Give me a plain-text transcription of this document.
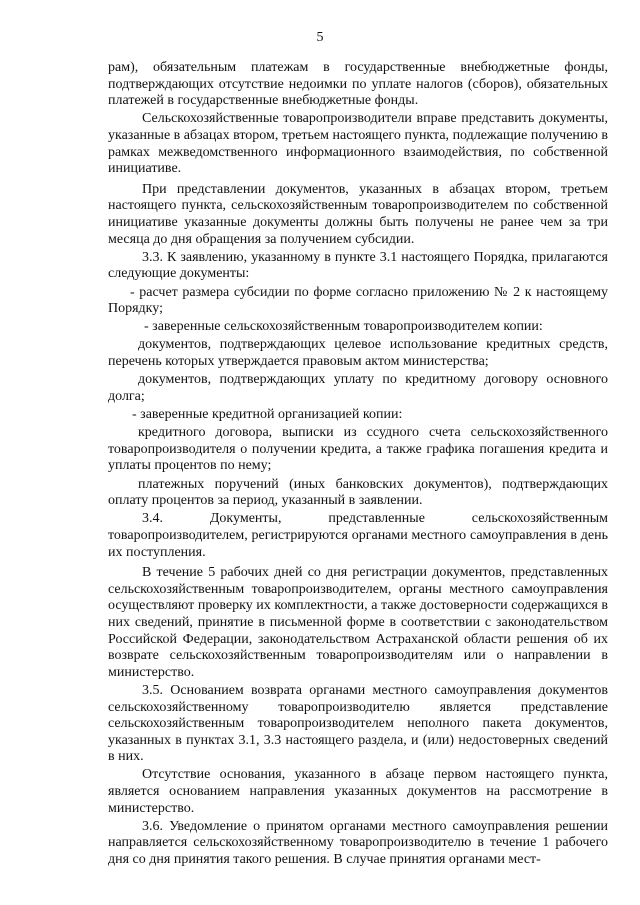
5

рам), обязательным платежам в государственные внебюджетные фонды, подтверждающих отсутствие недоимки по уплате налогов (сборов), обязательных платежей в государственные внебюджетные фонды.

Сельскохозяйственные товаропроизводители вправе представить документы, указанные в абзацах втором, третьем настоящего пункта, подлежащие получению в рамках межведомственного информационного взаимодействия, по собственной инициативе.

При представлении документов, указанных в абзацах втором, третьем настоящего пункта, сельскохозяйственным товаропроизводителем по собственной инициативе указанные документы должны быть получены не ранее чем за три месяца до дня обращения за получением субсидии.

3.3. К заявлению, указанному в пункте 3.1 настоящего Порядка, прилагаются следующие документы:

- расчет размера субсидии по форме согласно приложению № 2 к настоящему Порядку;

- заверенные сельскохозяйственным товаропроизводителем копии:

документов, подтверждающих целевое использование кредитных средств, перечень которых утверждается правовым актом министерства;

документов, подтверждающих уплату по кредитному договору основного долга;

- заверенные кредитной организацией копии:

кредитного договора, выписки из ссудного счета сельскохозяйственного товаропроизводителя о получении кредита, а также графика погашения кредита и уплаты процентов по нему;

платежных поручений (иных банковских документов), подтверждающих оплату процентов за период, указанный в заявлении.

3.4. Документы, представленные сельскохозяйственным товаропроизводителем, регистрируются органами местного самоуправления в день их поступления.

В течение 5 рабочих дней со дня регистрации документов, представленных сельскохозяйственным товаропроизводителем, органы местного самоуправления осуществляют проверку их комплектности, а также достоверности содержащихся в них сведений, принятие в письменной форме в соответствии с законодательством Российской Федерации, законодательством Астраханской области решения об их возврате сельскохозяйственным товаропроизводителям или о направлении в министерство.

3.5. Основанием возврата органами местного самоуправления документов сельскохозяйственному товаропроизводителю является представление сельскохозяйственным товаропроизводителем неполного пакета документов, указанных в пунктах 3.1, 3.3 настоящего раздела, и (или) недостоверных сведений в них.

Отсутствие основания, указанного в абзаце первом настоящего пункта, является основанием направления указанных документов на рассмотрение в министерство.

3.6. Уведомление о принятом органами местного самоуправления решении направляется сельскохозяйственному товаропроизводителю в течение 1 рабочего дня со дня принятия такого решения. В случае принятия органами мест-
